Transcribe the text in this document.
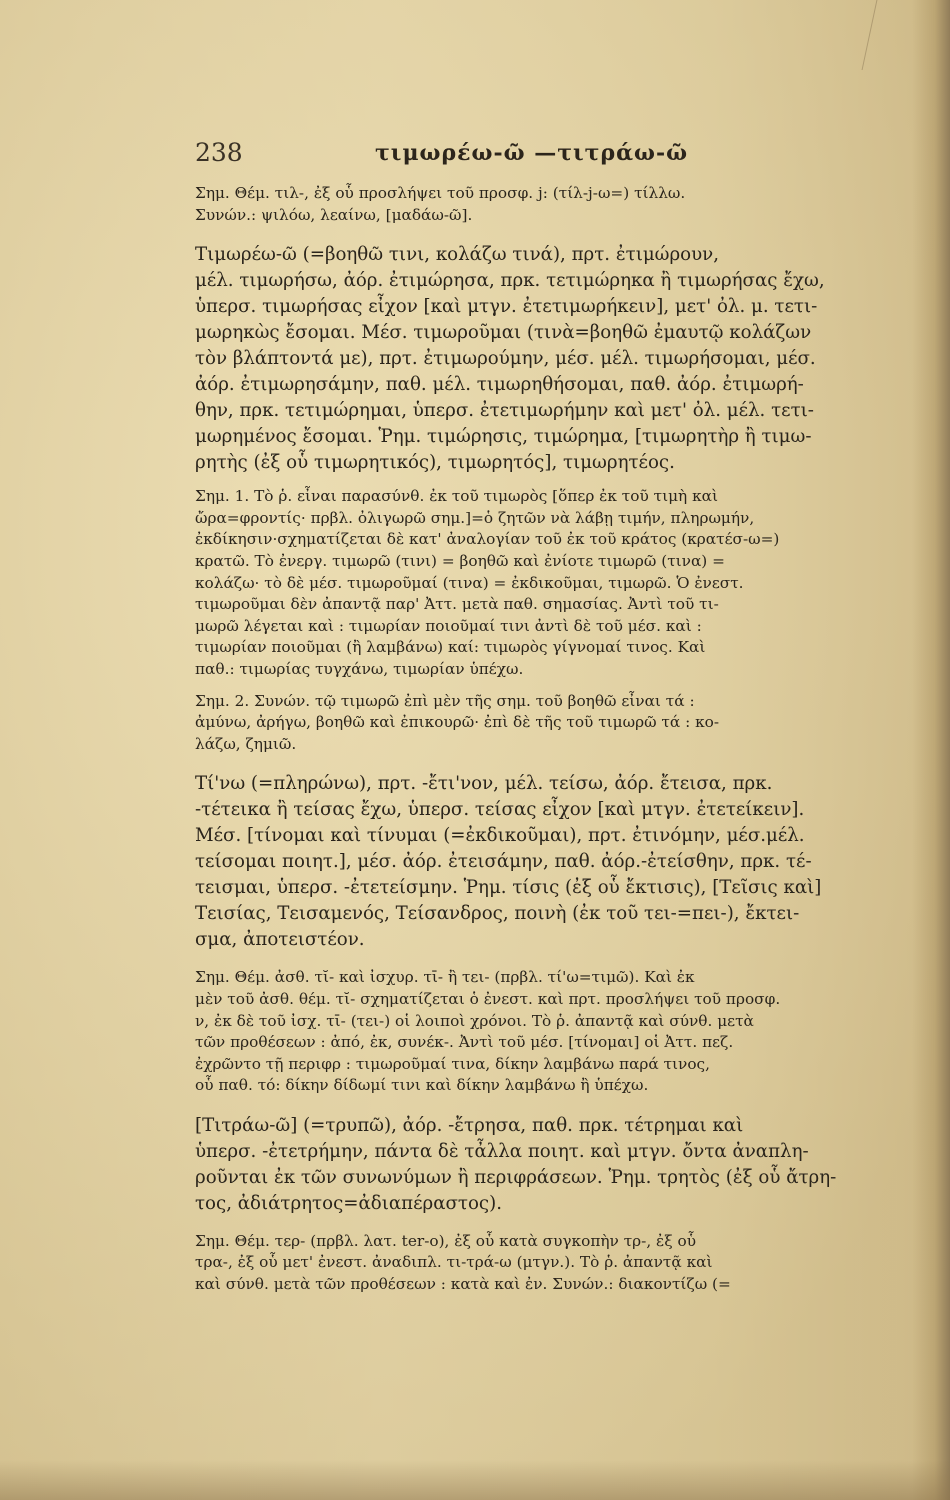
238	τιμωρέω-ῶ —τιτράω-ῶ
Σημ. Θέμ. τιλ-, ἐξ οὗ προσλήψει τοῦ προσφ. j: (τίλ-j-ω=) τίλλω.
Συνών.: ψιλόω, λεαίνω, [μαδάω-ῶ].
Τιμωρέω-ῶ (=βοηθῶ τινι, κολάζω τινά), πρτ. ἐτιμώρουν,
μέλ. τιμωρήσω, ἀόρ. ἐτιμώρησα, πρκ. τετιμώρηκα ἢ τιμωρήσας ἔχω,
ὑπερσ. τιμωρήσας εἶχον [καὶ μτγν. ἐτετιμωρήκειν], μετ' ὀλ. μ. τετι-
μωρηκὼς ἔσομαι. Μέσ. τιμωροῦμαι (τινὰ=βοηθῶ ἐμαυτῷ κολάζων
τὸν βλάπτοντά με), πρτ. ἐτιμωρούμην, μέσ. μέλ. τιμωρήσομαι, μέσ.
ἀόρ. ἐτιμωρησάμην, παθ. μέλ. τιμωρηθήσομαι, παθ. ἀόρ. ἐτιμωρή-
θην, πρκ. τετιμώρημαι, ὑπερσ. ἐτετιμωρήμην καὶ μετ' ὀλ. μέλ. τετι-
μωρημένος ἔσομαι. Ῥημ. τιμώρησις, τιμώρημα, [τιμωρητὴρ ἢ τιμω-
ρητὴς (ἐξ οὗ τιμωρητικός), τιμωρητός], τιμωρητέος.
Σημ. 1. Τὸ ῥ. εἶναι παρασύνθ. ἐκ τοῦ τιμωρὸς [ὅπερ ἐκ τοῦ τιμὴ καὶ
ὤρα=φροντίς· πρβλ. ὀλιγωρῶ σημ.]=ὁ ζητῶν νὰ λάβῃ τιμήν, πληρωμήν,
ἐκδίκησιν·σχηματίζεται δὲ κατ' ἀναλογίαν τοῦ ἐκ τοῦ κράτος (κρατέσ-ω=)
κρατῶ. Τὸ ἐνεργ. τιμωρῶ (τινι) = βοηθῶ καὶ ἐνίοτε τιμωρῶ (τινα) =
κολάζω· τὸ δὲ μέσ. τιμωροῦμαί (τινα) = ἐκδικοῦμαι, τιμωρῶ. Ὁ ἐνεστ.
τιμωροῦμαι δὲν ἀπαντᾷ παρ' Ἀττ. μετὰ παθ. σημασίας. Ἀντὶ τοῦ τι-
μωρῶ λέγεται καὶ : τιμωρίαν ποιοῦμαί τινι ἀντὶ δὲ τοῦ μέσ. καὶ :
τιμωρίαν ποιοῦμαι (ἢ λαμβάνω) καί: τιμωρὸς γίγνομαί τινος. Καὶ
παθ.: τιμωρίας τυγχάνω, τιμωρίαν ὑπέχω.
Σημ. 2. Συνών. τῷ τιμωρῶ ἐπὶ μὲν τῆς σημ. τοῦ βοηθῶ εἶναι τά :
ἀμύνω, ἀρήγω, βοηθῶ καὶ ἐπικουρῶ· ἐπὶ δὲ τῆς τοῦ τιμωρῶ τά : κο-
λάζω, ζημιῶ.
Τί'νω (=πληρώνω), πρτ. -ἔτι'νον, μέλ. τείσω, ἀόρ. ἔτεισα, πρκ.
-τέτεικα ἢ τείσας ἔχω, ὑπερσ. τείσας εἶχον [καὶ μτγν. ἐτετείκειν].
Μέσ. [τίνομαι καὶ τίνυμαι (=ἐκδικοῦμαι), πρτ. ἐτινόμην, μέσ.μέλ.
τείσομαι ποιητ.], μέσ. ἀόρ. ἐτεισάμην, παθ. ἀόρ.-ἐτείσθην, πρκ. τέ-
τεισμαι, ὑπερσ. -ἐτετείσμην. Ῥημ. τίσις (ἐξ οὗ ἔκτισις), [Τεῖσις καὶ]
Τεισίας, Τεισαμενός, Τείσανδρος, ποινὴ (ἐκ τοῦ τει-=πει-), ἔκτει-
σμα, ἀποτειστέον.
Σημ. Θέμ. ἀσθ. τῐ- καὶ ἰσχυρ. τῑ- ἢ τει- (πρβλ. τί'ω=τιμῶ). Καὶ ἐκ
μὲν τοῦ ἀσθ. θέμ. τῐ- σχηματίζεται ὁ ἐνεστ. καὶ πρτ. προσλήψει τοῦ προσφ.
ν, ἐκ δὲ τοῦ ἰσχ. τῑ- (τει-) οἱ λοιποὶ χρόνοι. Τὸ ῥ. ἀπαντᾷ καὶ σύνθ. μετὰ
τῶν προθέσεων : ἀπό, ἐκ, συνέκ-. Ἀντὶ τοῦ μέσ. [τίνομαι] οἱ Ἀττ. πεζ.
ἐχρῶντο τῇ περιφρ : τιμωροῦμαί τινα, δίκην λαμβάνω παρά τινος,
οὗ παθ. τό: δίκην δίδωμί τινι καὶ δίκην λαμβάνω ἢ ὑπέχω.
[Τιτράω-ῶ] (=τρυπῶ), ἀόρ. -ἔτρησα, παθ. πρκ. τέτρημαι καὶ
ὑπερσ. -ἐτετρήμην, πάντα δὲ τἆλλα ποιητ. καὶ μτγν. ὄντα ἀναπλη-
ροῦνται ἐκ τῶν συνωνύμων ἢ περιφράσεων. Ῥημ. τρητὸς (ἐξ οὗ ἄτρη-
τος, ἀδιάτρητος=ἀδιαπέραστος).
Σημ. Θέμ. τερ- (πρβλ. λατ. ter-o), ἐξ οὗ κατὰ συγκοπὴν τρ-, ἐξ οὗ
τρα-, ἐξ οὗ μετ' ἐνεστ. ἀναδιπλ. τι-τρά-ω (μτγν.). Τὸ ῥ. ἀπαντᾷ καὶ
καὶ σύνθ. μετὰ τῶν προθέσεων : κατὰ καὶ ἐν. Συνών.: διακοντίζω (=
